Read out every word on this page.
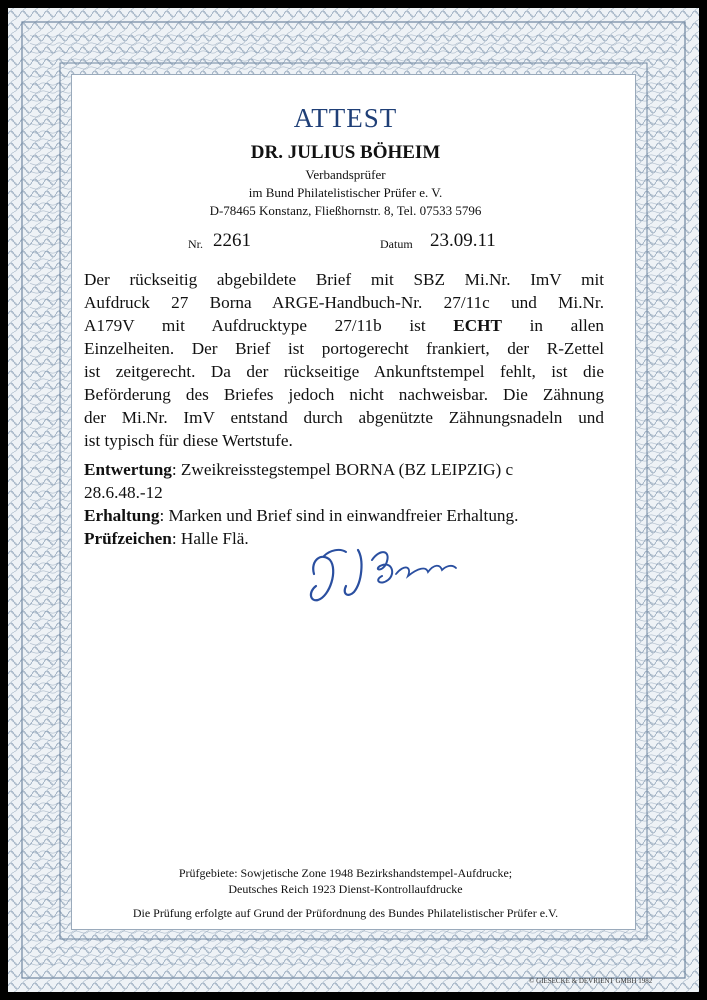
ATTEST
DR. JULIUS BÖHEIM
Verbandsprüfer
im Bund Philatelistischer Prüfer e. V.
D-78465 Konstanz, Fließhornstr. 8, Tel. 07533 5796
Nr. 2261	Datum 23.09.11
Der rückseitig abgebildete Brief mit SBZ Mi.Nr. ImV mit
Aufdruck 27 Borna ARGE-Handbuch-Nr. 27/11c und Mi.Nr.
A179V mit Aufdrucktype 27/11b ist ECHT in allen
Einzelheiten. Der Brief ist portogerecht frankiert, der R-Zettel
ist zeitgerecht. Da der rückseitige Ankunftstempel fehlt, ist die
Beförderung des Briefes jedoch nicht nachweisbar. Die Zähnung
der Mi.Nr. ImV entstand durch abgenützte Zähnungsnadeln und
ist typisch für diese Wertstufe.
Entwertung: Zweikreisstegstempel BORNA (BZ LEIPZIG) c
28.6.48.-12
Erhaltung: Marken und Brief sind in einwandfreier Erhaltung.
Prüfzeichen: Halle Flä.
Prüfgebiete: Sowjetische Zone 1948 Bezirkshandstempel-Aufdrucke;
Deutsches Reich 1923 Dienst-Kontrollaufdrucke
Die Prüfung erfolgte auf Grund der Prüfordnung des Bundes Philatelistischer Prüfer e.V.
© GIESECKE & DEVRIENT GMBH 1982
